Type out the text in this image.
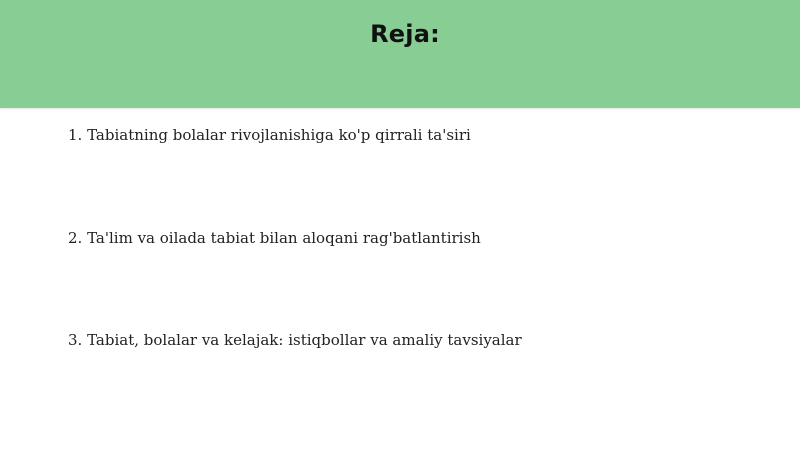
Reja:
1. Tabiatning bolalar rivojlanishiga ko'p qirrali ta'siri
2. Ta'lim va oilada tabiat bilan aloqani rag'batlantirish
3. Tabiat, bolalar va kelajak: istiqbollar va amaliy tavsiyalar
